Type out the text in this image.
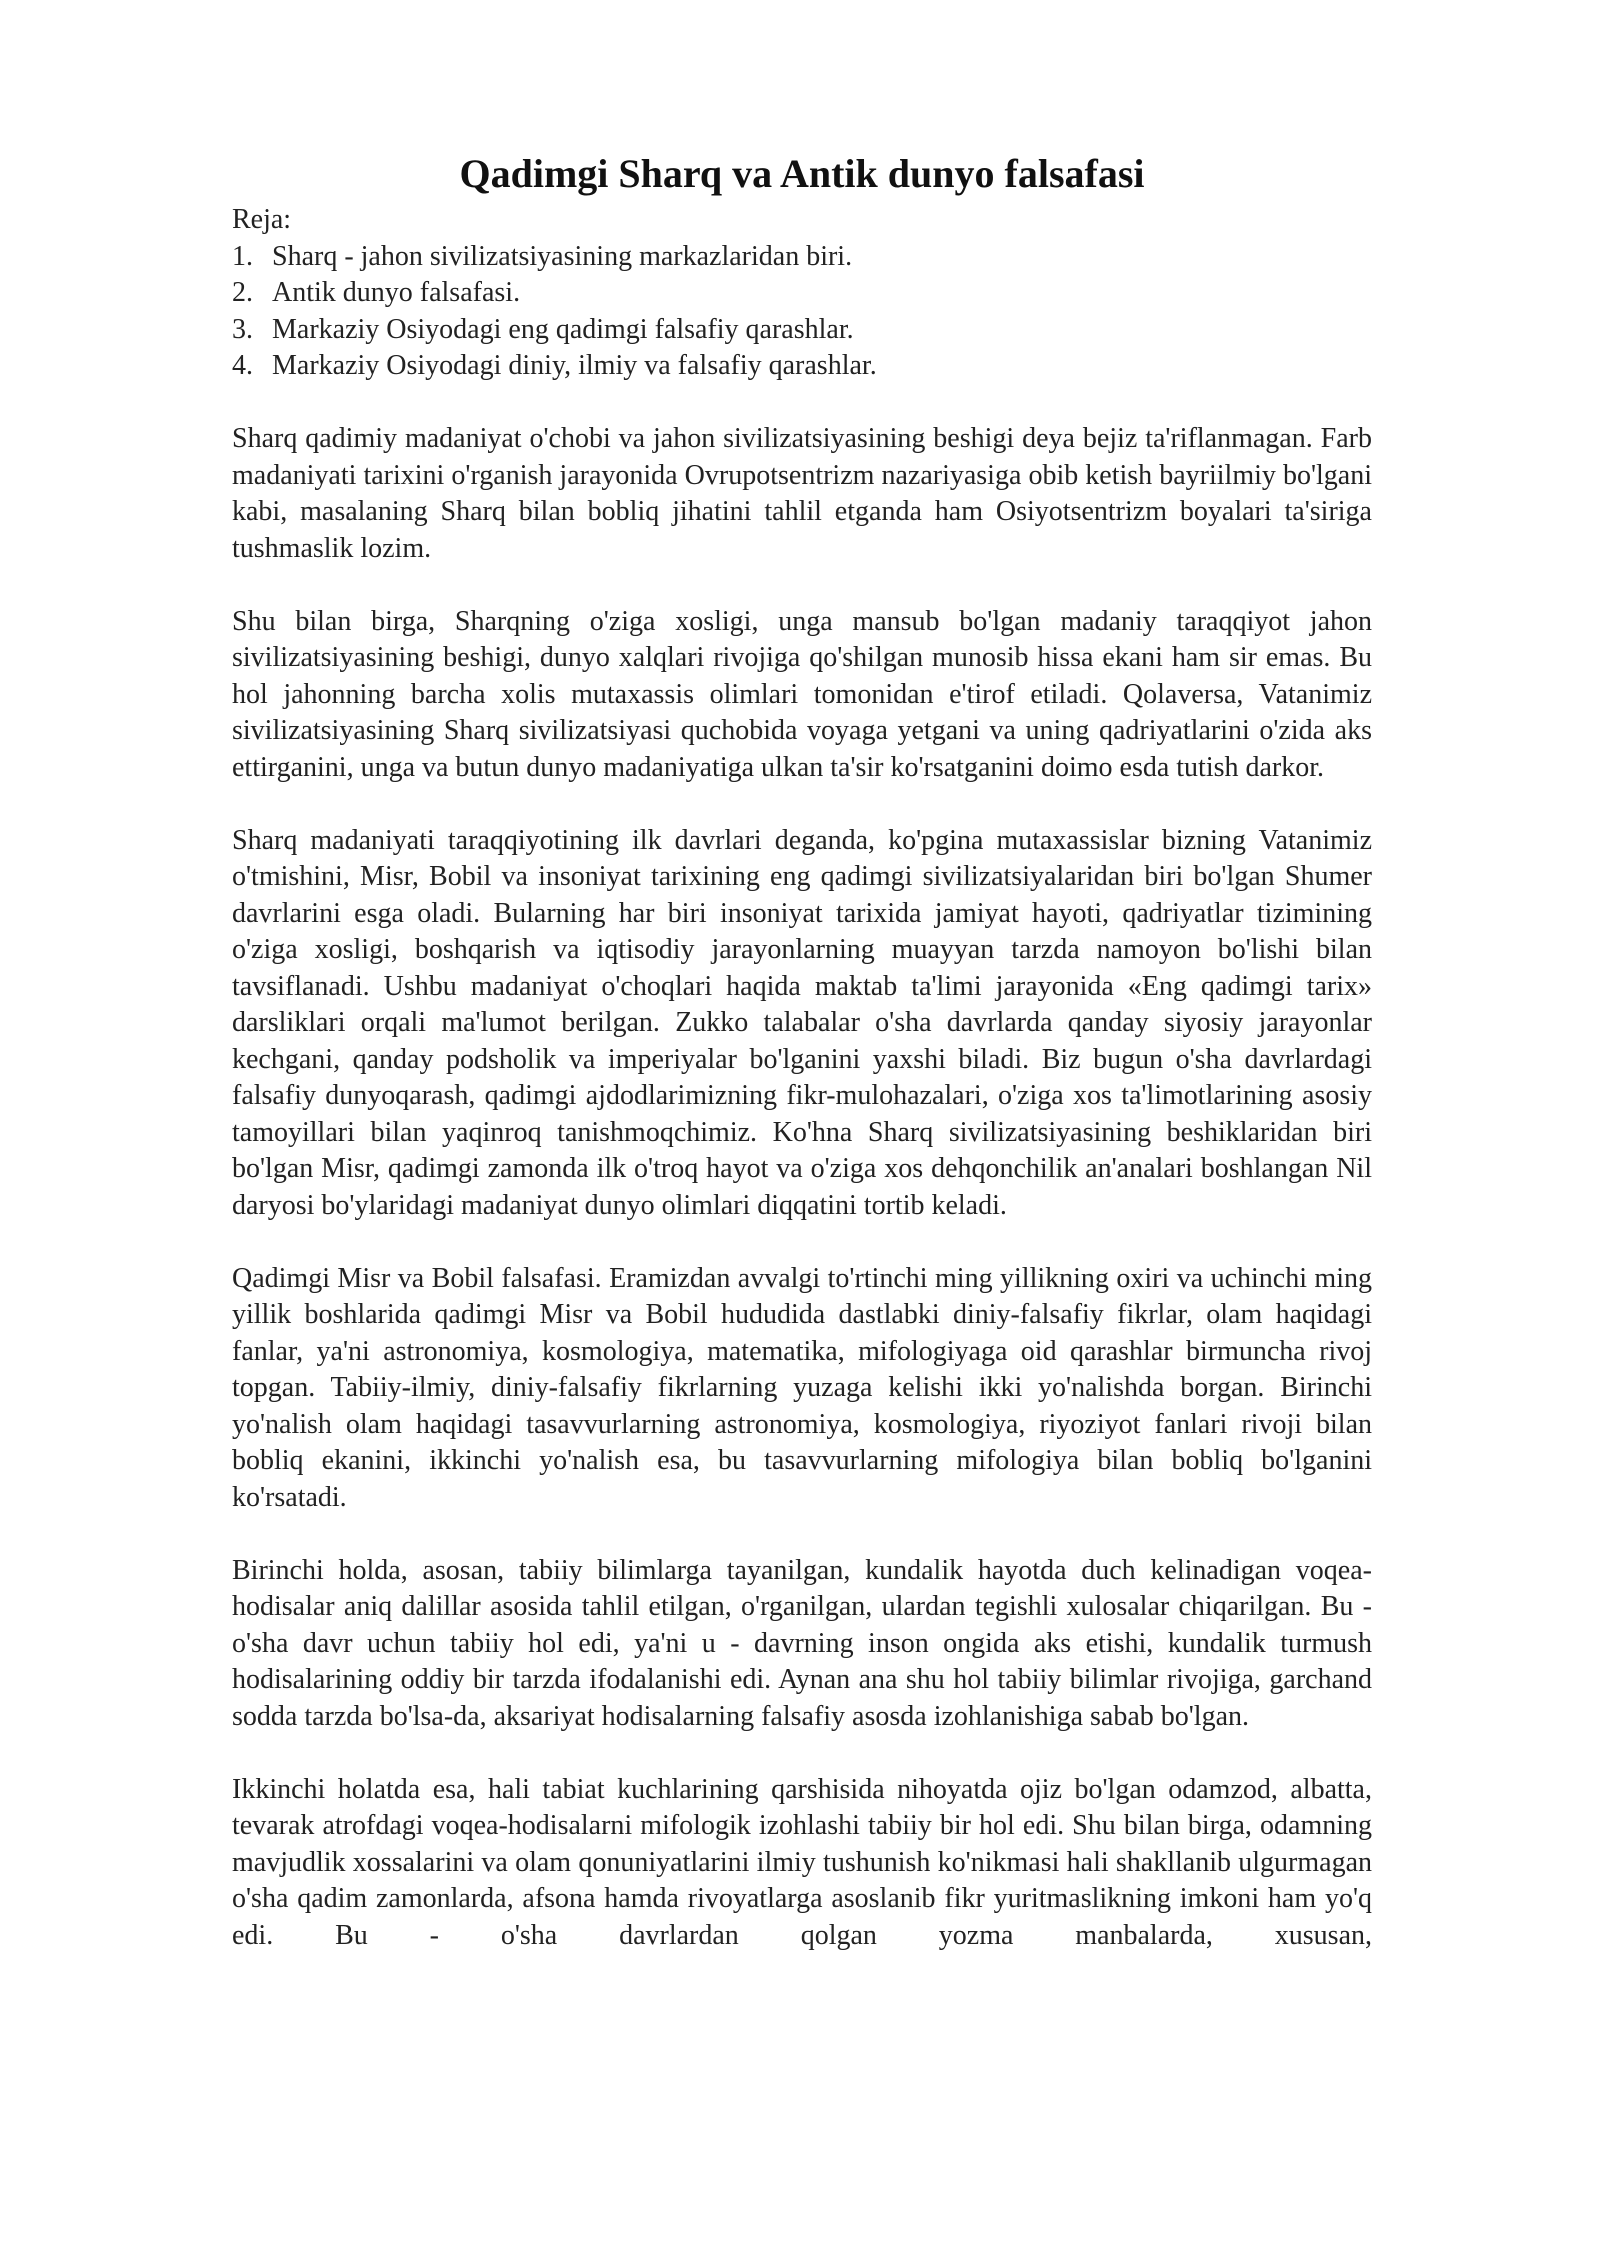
Qadimgi Sharq va Antik dunyo falsafasi
Reja:
1. Sharq - jahon sivilizatsiyasining markazlaridan biri.
2. Antik dunyo falsafasi.
3. Markaziy Osiyodagi eng qadimgi falsafiy qarashlar.
4. Markaziy Osiyodagi diniy, ilmiy va falsafiy qarashlar.

Sharq qadimiy madaniyat o'chobi va jahon sivilizatsiyasining beshigi deya bejiz ta'riflanmagan. Farb madaniyati tarixini o'rganish jarayonida Ovrupotsentrizm nazariyasiga obib ketish bayriilmiy bo'lgani kabi, masalaning Sharq bilan bobliq jihatini tahlil etganda ham Osiyotsentrizm boyalari ta'siriga tushmaslik lozim.

Shu bilan birga, Sharqning o'ziga xosligi, unga mansub bo'lgan madaniy taraqqiyot jahon sivilizatsiyasining beshigi, dunyo xalqlari rivojiga qo'shilgan munosib hissa ekani ham sir emas. Bu hol jahonning barcha xolis mutaxassis olimlari tomonidan e'tirof etiladi. Qolaversa, Vatanimiz sivilizatsiyasining Sharq sivilizatsiyasi quchobida voyaga yetgani va uning qadriyatlarini o'zida aks ettirganini, unga va butun dunyo madaniyatiga ulkan ta'sir ko'rsatganini doimo esda tutish darkor.

Sharq madaniyati taraqqiyotining ilk davrlari deganda, ko'pgina mutaxassislar bizning Vatanimiz o'tmishini, Misr, Bobil va insoniyat tarixining eng qadimgi sivilizatsiyalaridan biri bo'lgan Shumer davrlarini esga oladi. Bularning har biri insoniyat tarixida jamiyat hayoti, qadriyatlar tizimining o'ziga xosligi, boshqarish va iqtisodiy jarayonlarning muayyan tarzda namoyon bo'lishi bilan tavsiflanadi. Ushbu madaniyat o'choqlari haqida maktab ta'limi jarayonida «Eng qadimgi tarix» darsliklari orqali ma'lumot berilgan. Zukko talabalar o'sha davrlarda qanday siyosiy jarayonlar kechgani, qanday podsholik va imperiyalar bo'lganini yaxshi biladi. Biz bugun o'sha davrlardagi falsafiy dunyoqarash, qadimgi ajdodlarimizning fikr-mulohazalari, o'ziga xos ta'limotlarining asosiy tamoyillari bilan yaqinroq tanishmoqchimiz. Ko'hna Sharq sivilizatsiyasining beshiklaridan biri bo'lgan Misr, qadimgi zamonda ilk o'troq hayot va o'ziga xos dehqonchilik an'analari boshlangan Nil daryosi bo'ylaridagi madaniyat dunyo olimlari diqqatini tortib keladi.

Qadimgi Misr va Bobil falsafasi. Eramizdan avvalgi to'rtinchi ming yillikning oxiri va uchinchi ming yillik boshlarida qadimgi Misr va Bobil hududida dastlabki diniy-falsafiy fikrlar, olam haqidagi fanlar, ya'ni astronomiya, kosmologiya, matematika, mifologiyaga oid qarashlar birmuncha rivoj topgan. Tabiiy-ilmiy, diniy-falsafiy fikrlarning yuzaga kelishi ikki yo'nalishda borgan. Birinchi yo'nalish olam haqidagi tasavvurlarning astronomiya, kosmologiya, riyoziyot fanlari rivoji bilan bobliq ekanini, ikkinchi yo'nalish esa, bu tasavvurlarning mifologiya bilan bobliq bo'lganini ko'rsatadi.

Birinchi holda, asosan, tabiiy bilimlarga tayanilgan, kundalik hayotda duch kelinadigan voqea-hodisalar aniq dalillar asosida tahlil etilgan, o'rganilgan, ulardan tegishli xulosalar chiqarilgan. Bu - o'sha davr uchun tabiiy hol edi, ya'ni u - davrning inson ongida aks etishi, kundalik turmush hodisalarining oddiy bir tarzda ifodalanishi edi. Aynan ana shu hol tabiiy bilimlar rivojiga, garchand sodda tarzda bo'lsa-da, aksariyat hodisalarning falsafiy asosda izohlanishiga sabab bo'lgan.

Ikkinchi holatda esa, hali tabiat kuchlarining qarshisida nihoyatda ojiz bo'lgan odamzod, albatta, tevarak atrofdagi voqea-hodisalarni mifologik izohlashi tabiiy bir hol edi. Shu bilan birga, odamning mavjudlik xossalarini va olam qonuniyatlarini ilmiy tushunish ko'nikmasi hali shakllanib ulgurmagan o'sha qadim zamonlarda, afsona hamda rivoyatlarga asoslanib fikr yuritmaslikning imkoni ham yo'q edi. Bu - o'sha davrlardan qolgan yozma manbalarda, xususan,
